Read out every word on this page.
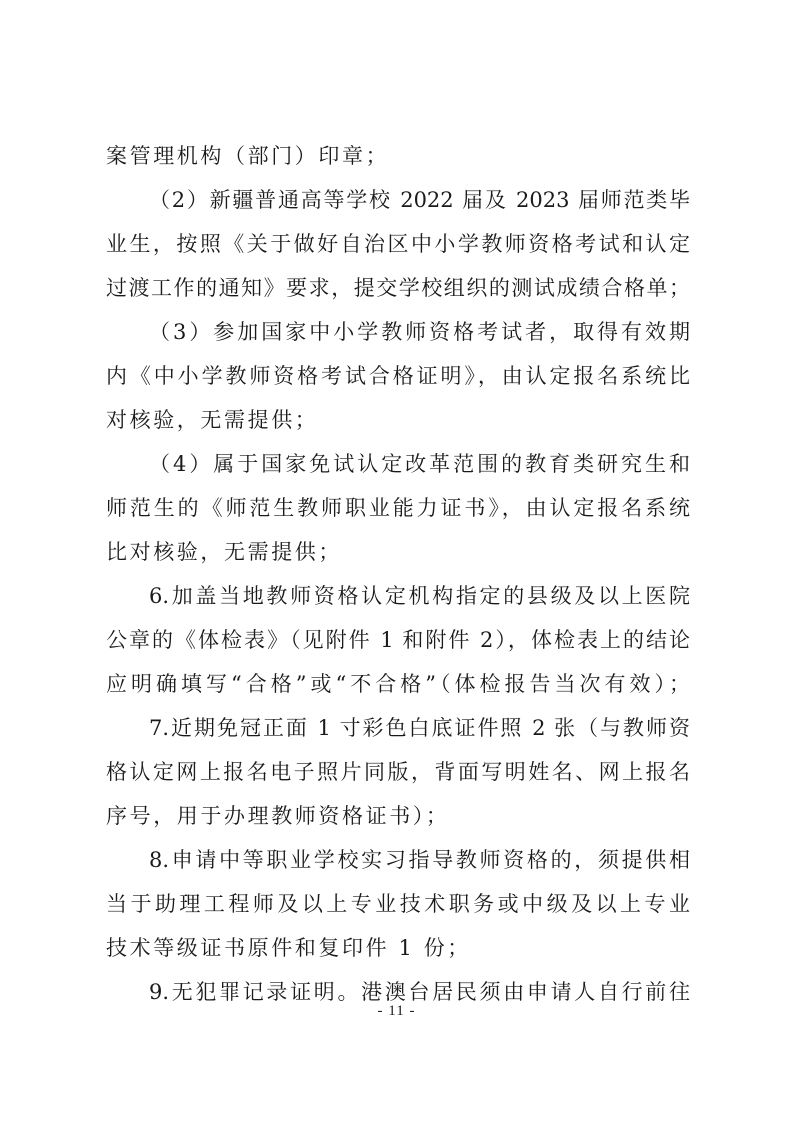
案管理机构（部门）印章；
（2）新疆普通高等学校 2022 届及 2023 届师范类毕
业生，按照《关于做好自治区中小学教师资格考试和认定
过渡工作的通知》要求，提交学校组织的测试成绩合格单；
（3）参加国家中小学教师资格考试者，取得有效期
内《中小学教师资格考试合格证明》，由认定报名系统比
对核验，无需提供；
（4）属于国家免试认定改革范围的教育类研究生和
师范生的《师范生教师职业能力证书》，由认定报名系统
比对核验，无需提供；
6.加盖当地教师资格认定机构指定的县级及以上医院
公章的《体检表》（见附件 1 和附件 2），体检表上的结论
应明确填写“合格”或“不合格”（体检报告当次有效）；
7.近期免冠正面 1 寸彩色白底证件照 2 张（与教师资
格认定网上报名电子照片同版，背面写明姓名、网上报名
序号，用于办理教师资格证书）；
8.申请中等职业学校实习指导教师资格的，须提供相
当于助理工程师及以上专业技术职务或中级及以上专业
技术等级证书原件和复印件 1 份；
9.无犯罪记录证明。港澳台居民须由申请人自行前往
- 11 -
